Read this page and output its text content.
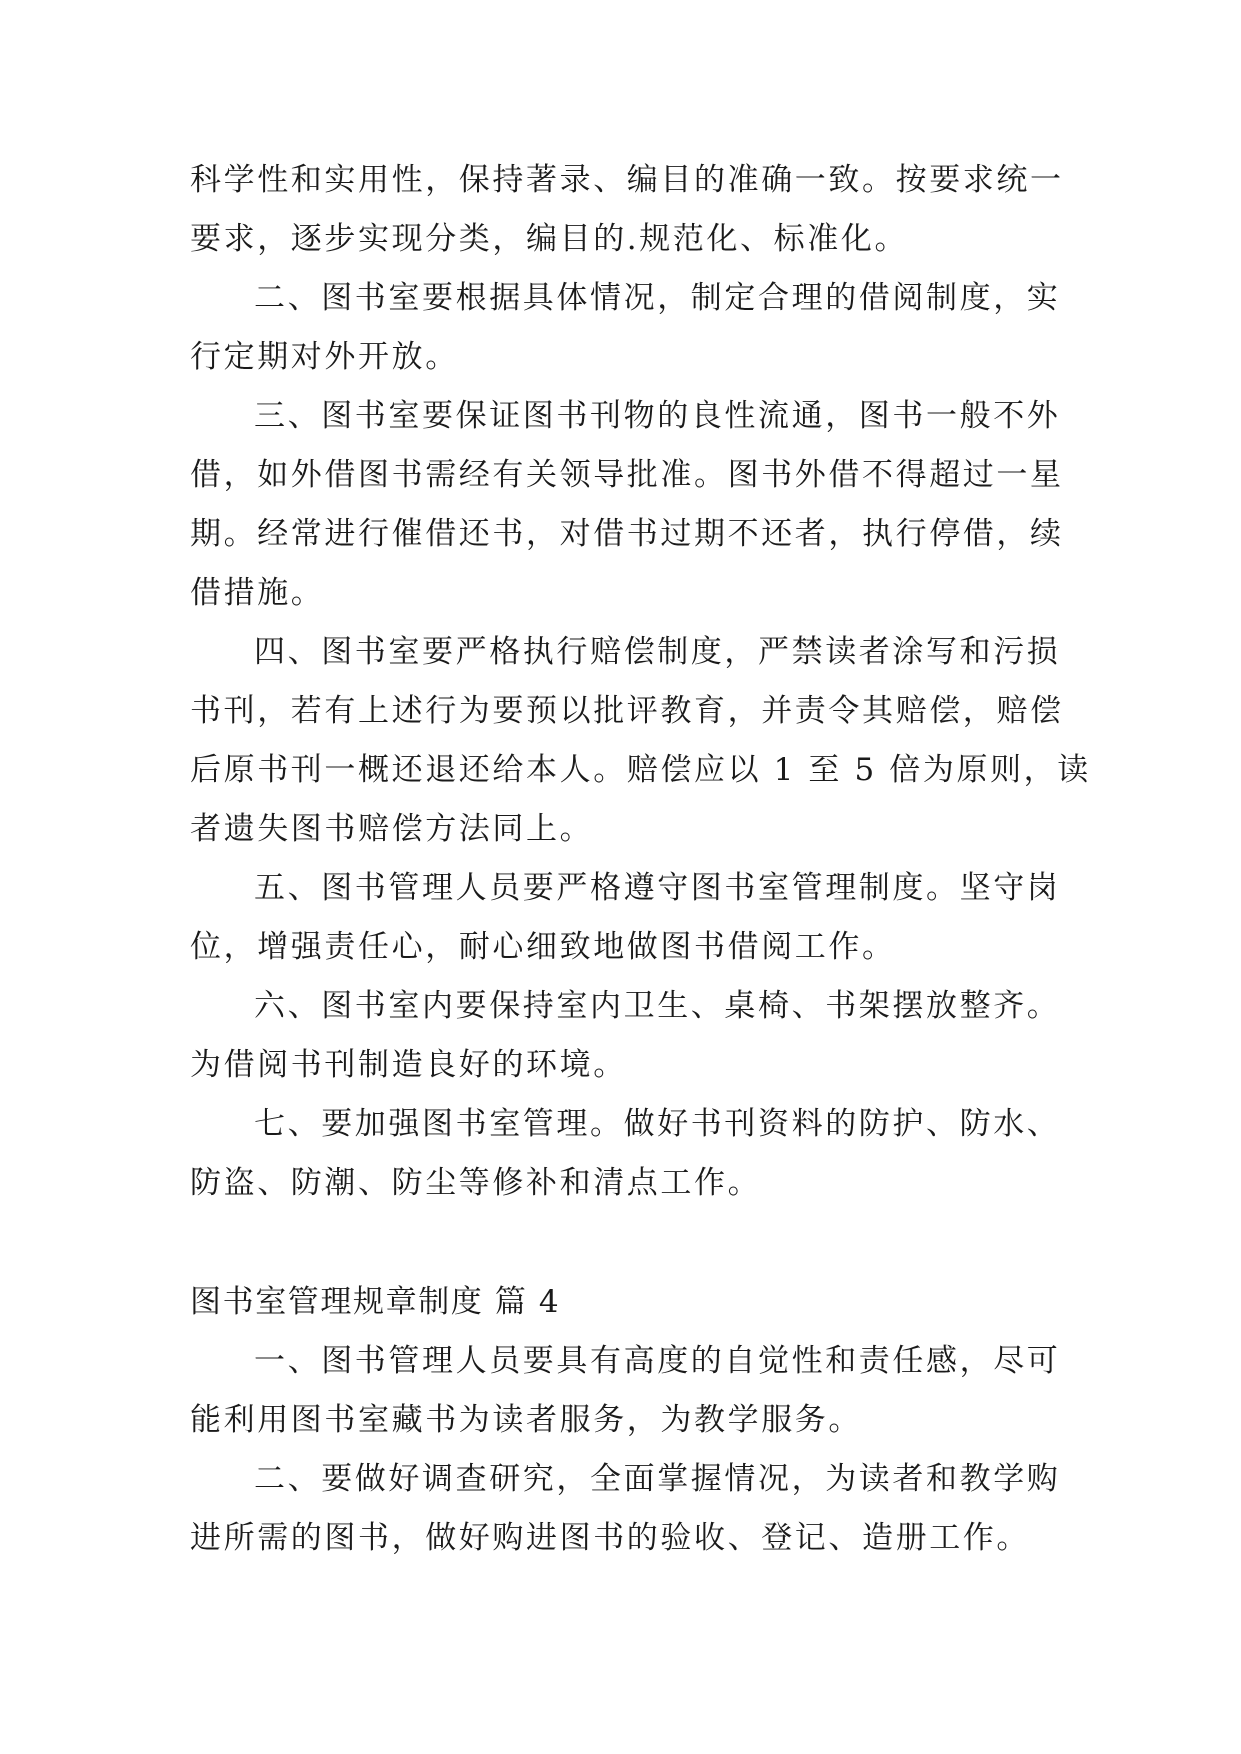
科学性和实用性，保持著录、编目的准确一致。按要求统一
要求，逐步实现分类，编目的.规范化、标准化。
二、图书室要根据具体情况，制定合理的借阅制度，实
行定期对外开放。
三、图书室要保证图书刊物的良性流通，图书一般不外
借，如外借图书需经有关领导批准。图书外借不得超过一星
期。经常进行催借还书，对借书过期不还者，执行停借，续
借措施。
四、图书室要严格执行赔偿制度，严禁读者涂写和污损
书刊，若有上述行为要预以批评教育，并责令其赔偿，赔偿
后原书刊一概还退还给本人。赔偿应以 1 至 5 倍为原则，读
者遗失图书赔偿方法同上。
五、图书管理人员要严格遵守图书室管理制度。坚守岗
位，增强责任心，耐心细致地做图书借阅工作。
六、图书室内要保持室内卫生、桌椅、书架摆放整齐。
为借阅书刊制造良好的环境。
七、要加强图书室管理。做好书刊资料的防护、防水、
防盗、防潮、防尘等修补和清点工作。
图书室管理规章制度 篇 4
一、图书管理人员要具有高度的自觉性和责任感，尽可
能利用图书室藏书为读者服务，为教学服务。
二、要做好调查研究，全面掌握情况，为读者和教学购
进所需的图书，做好购进图书的验收、登记、造册工作。
